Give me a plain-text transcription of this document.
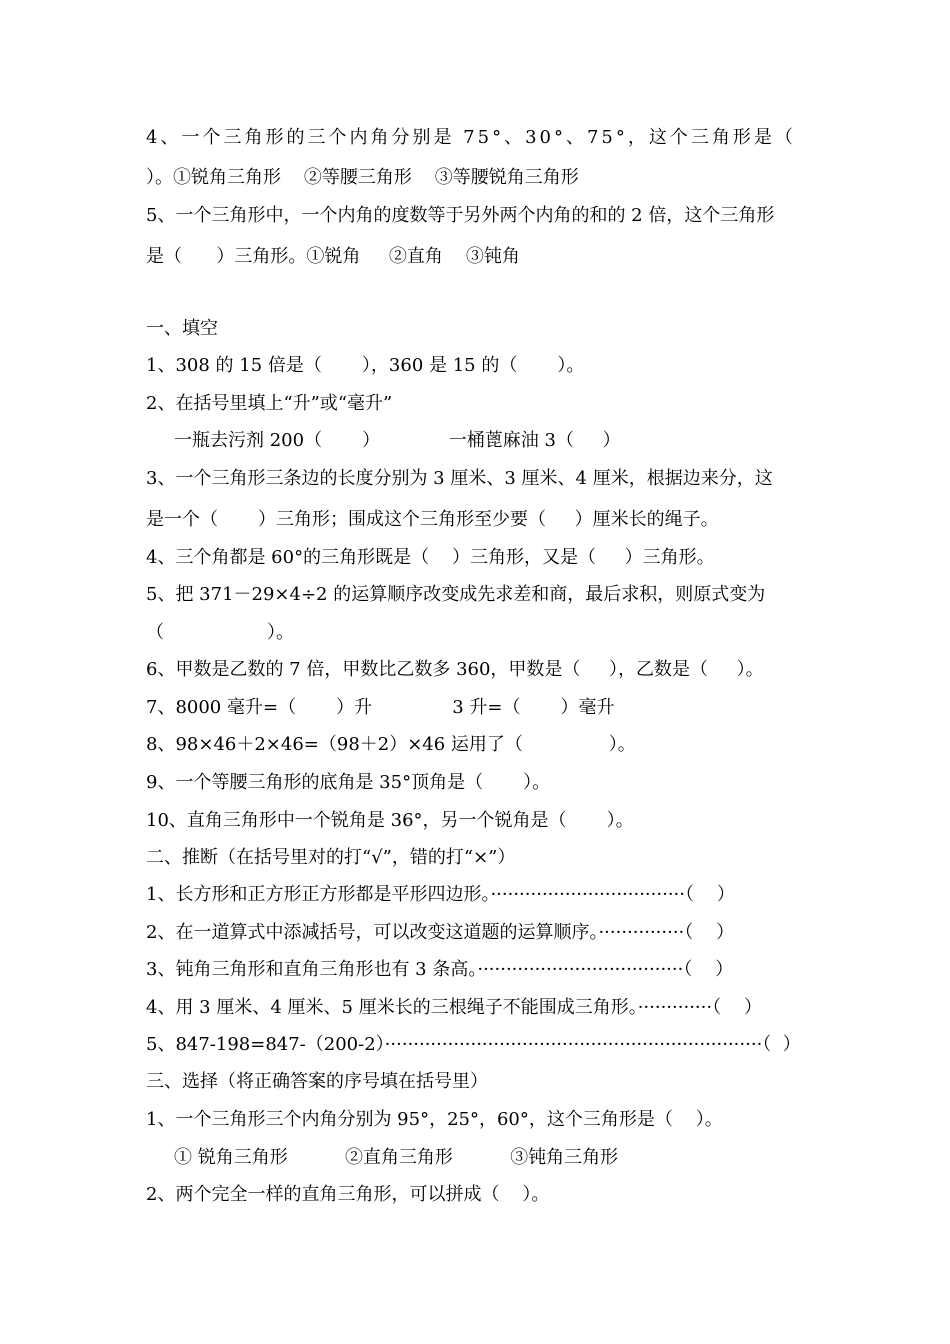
4、一个三角形的三个内角分别是 75°、30°、75°，这个三角形是（
）。①锐角三角形    ②等腰三角形    ③等腰锐角三角形
5、一个三角形中，一个内角的度数等于另外两个内角的和的 2 倍，这个三角形
是（      ）三角形。①锐角     ②直角    ③钝角
一、填空
1、308 的 15 倍是（       ），360 是 15 的（       ）。
2、在括号里填上“升”或“毫升”
一瓶去污剂 200（       ）            一桶蓖麻油 3（     ）
3、一个三角形三条边的长度分别为 3 厘米、3 厘米、4 厘米，根据边来分，这
是一个（       ）三角形；围成这个三角形至少要（     ）厘米长的绳子。
4、三个角都是 60°的三角形既是（    ）三角形，又是（     ）三角形。
5、把 371－29×4÷2 的运算顺序改变成先求差和商，最后求积，则原式变为
（                  ）。
6、甲数是乙数的 7 倍，甲数比乙数多 360，甲数是（     ），乙数是（     ）。
7、8000 毫升=（       ）升              3 升=（       ）毫升
8、98×46＋2×46=（98＋2）×46 运用了（               ）。
9、一个等腰三角形的底角是 35°顶角是（       ）。
10、直角三角形中一个锐角是 36°，另一个锐角是（       ）。
二、推断（在括号里对的打“√”，错的打“×”）
1、长方形和正方形正方形都是平形四边形。··································（    ）
2、在一道算式中添减括号，可以改变这道题的运算顺序。···············（    ）
3、钝角三角形和直角三角形也有 3 条高。····································（    ）
4、用 3 厘米、4 厘米、5 厘米长的三根绳子不能围成三角形。·············（    ）
5、847-198=847-（200-2）··································································（  ）
三、选择（将正确答案的序号填在括号里）
1、一个三角形三个内角分别为 95°，25°，60°，这个三角形是（    ）。
① 锐角三角形          ②直角三角形          ③钝角三角形
2、两个完全一样的直角三角形，可以拼成（    ）。
